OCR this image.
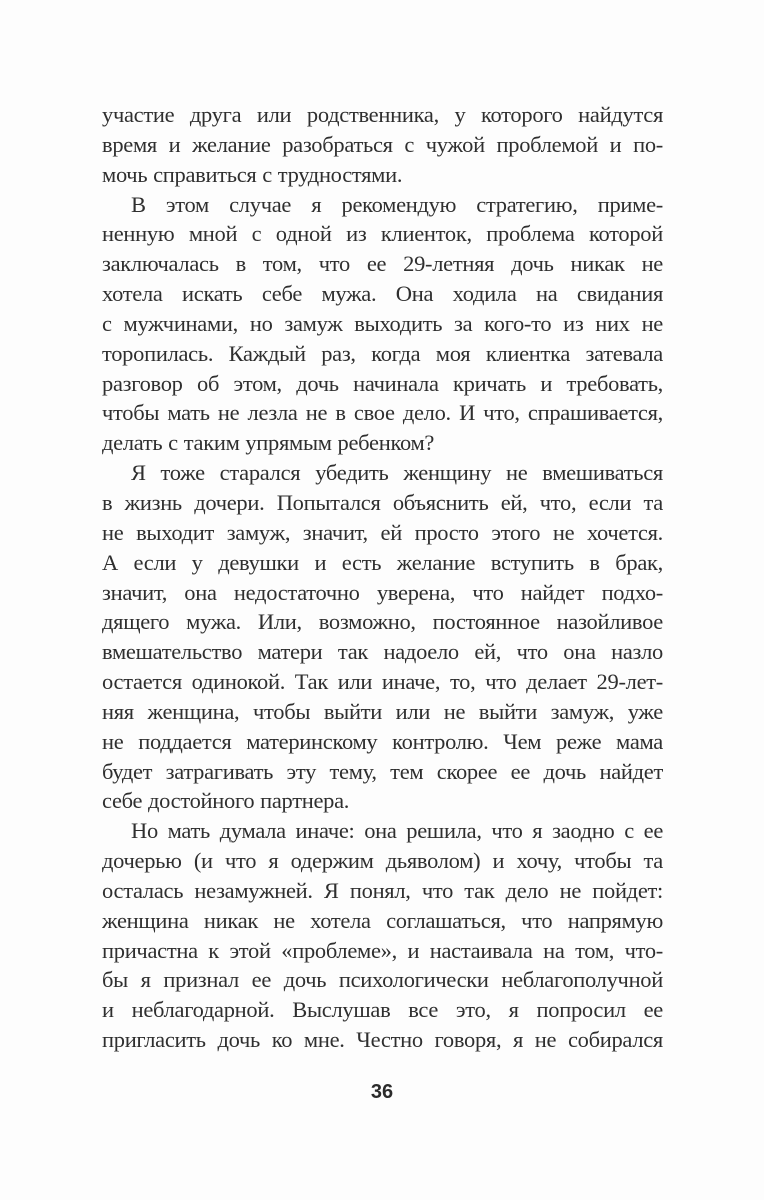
участие друга или родственника, у которого найдутся
время и желание разобраться с чужой проблемой и по-
мочь справиться с трудностями.
В этом случае я рекомендую стратегию, приме-
ненную мной с одной из клиенток, проблема которой
заключалась в том, что ее 29-летняя дочь никак не
хотела искать себе мужа. Она ходила на свидания
с мужчинами, но замуж выходить за кого-то из них не
торопилась. Каждый раз, когда моя клиентка затевала
разговор об этом, дочь начинала кричать и требовать,
чтобы мать не лезла не в свое дело. И что, спрашивается,
делать с таким упрямым ребенком?
Я тоже старался убедить женщину не вмешиваться
в жизнь дочери. Попытался объяснить ей, что, если та
не выходит замуж, значит, ей просто этого не хочется.
А если у девушки и есть желание вступить в брак,
значит, она недостаточно уверена, что найдет подхо-
дящего мужа. Или, возможно, постоянное назойливое
вмешательство матери так надоело ей, что она назло
остается одинокой. Так или иначе, то, что делает 29-лет-
няя женщина, чтобы выйти или не выйти замуж, уже
не поддается материнскому контролю. Чем реже мама
будет затрагивать эту тему, тем скорее ее дочь найдет
себе достойного партнера.
Но мать думала иначе: она решила, что я заодно с ее
дочерью (и что я одержим дьяволом) и хочу, чтобы та
осталась незамужней. Я понял, что так дело не пойдет:
женщина никак не хотела соглашаться, что напрямую
причастна к этой «проблеме», и настаивала на том, что-
бы я признал ее дочь психологически неблагополучной
и неблагодарной. Выслушав все это, я попросил ее
пригласить дочь ко мне. Честно говоря, я не собирался
36
